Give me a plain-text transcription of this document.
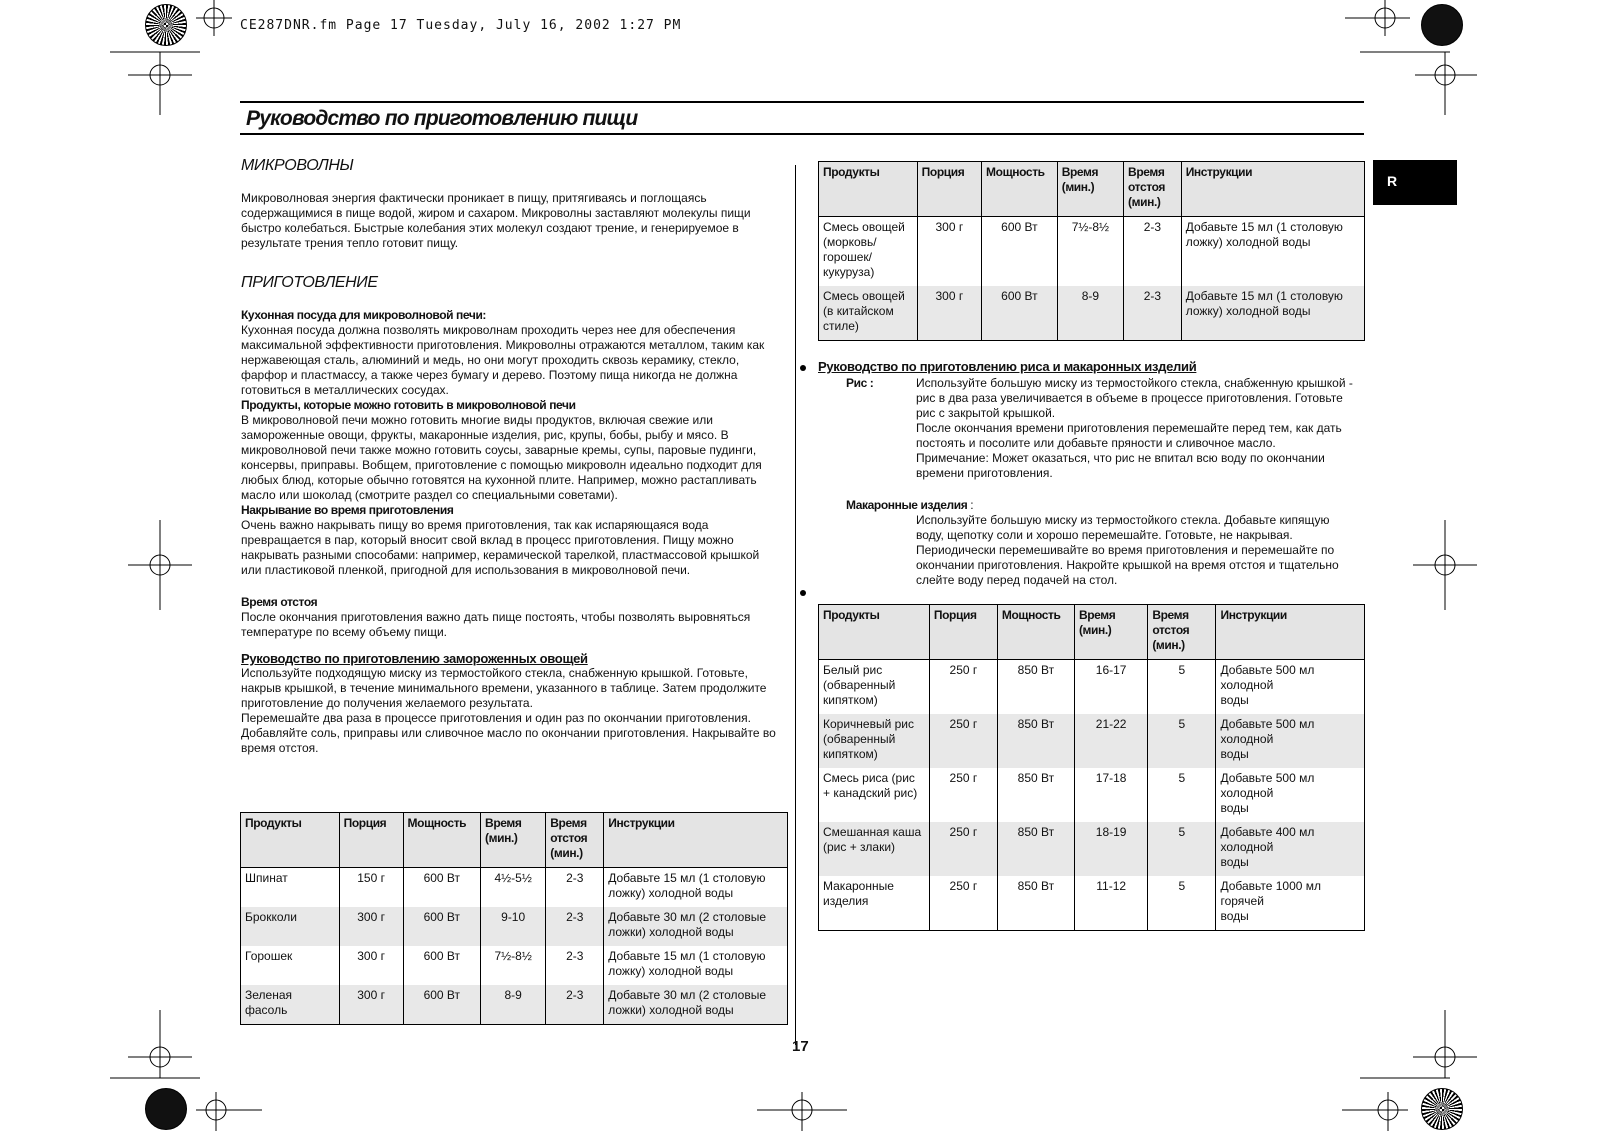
CE287DNR.fm Page 17 Tuesday, July 16, 2002 1:27 PM
Руководство по приготовлению пищи
R
МИКРОВОЛНЫ

Микроволновая энергия фактически проникает в пищу, притягиваясь и поглощаясь

содержащимися в пище водой, жиром и сахаром. Микроволны заставляют молекулы пищи

быстро колебаться. Быстрые колебания этих молекул создают трение, и генерируемое в

результате трения тепло готовит пищу.

ПРИГОТОВЛЕНИЕ

Кухонная посуда для микроволновой печи:

Кухонная посуда должна позволять микроволнам проходить через нее для обеспечения

максимальной эффективности приготовления. Микроволны отражаются металлом, таким как

нержавеющая сталь, алюминий и медь, но они могут проходить сквозь керамику, стекло,

фарфор и пластмассу, а также через бумагу и дерево. Поэтому пища никогда не должна

готовиться в металлических сосудах.

Продукты, которые можно готовить в микроволновой печи

В микроволновой печи можно готовить многие виды продуктов, включая свежие или

замороженные овощи, фрукты, макаронные изделия, рис, крупы, бобы, рыбу и мясо. В

микроволновой печи также можно готовить соусы, заварные кремы, супы, паровые пудинги,

консервы, приправы. Вобщем, приготовление с помощью микроволн идеально подходит для

любых блюд, которые обычно готовятся на кухонной плите. Например, можно растапливать

масло или шоколад (смотрите раздел со специальными советами).

Накрывание во время приготовления

Очень важно накрывать пищу во время приготовления, так как испаряющаяся вода

превращается в пар, который вносит свой вклад в процесс приготовления. Пищу можно

накрывать разными способами: например, керамической тарелкой, пластмассовой крышкой

или пластиковой пленкой, пригодной для использования в микроволновой печи.

Время отстоя

После окончания приготовления важно дать пище постоять, чтобы позволять выровняться

температуре по всему объему пищи.

Руководство по приготовлению замороженных овощей

Используйте подходящую миску из термостойкого стекла, снабженную крышкой. Готовьте,

накрыв крышкой, в течение минимального времени, указанного в таблице. Затем продолжите

приготовление до получения желаемого результата.

Перемешайте два раза в процессе приготовления и один раз по окончании приготовления.

Добавляйте соль, приправы или сливочное масло по окончании приготовления. Накрывайте во

время отстоя.

Продукты	Порция	Мощность	Время
(мин.)	Время
отстоя
(мин.)	Инструкции
Шпинат	150 г	600 Вт	4½-5½	2-3	Добавьте 15 мл (1 столовую
ложку) холодной воды
Брокколи	300 г	600 Вт	9-10	2-3	Добавьте 30 мл (2 столовые
ложки) холодной воды
Горошек	300 г	600 Вт	7½-8½	2-3	Добавьте 15 мл (1 столовую
ложку) холодной воды
Зеленая
фасоль	300 г	600 Вт	8-9	2-3	Добавьте 30 мл (2 столовые
ложки) холодной воды
Продукты	Порция	Мощность	Время
(мин.)	Время
отстоя
(мин.)	Инструкции
Смесь овощей
(морковь/
горошек/
кукуруза)	300 г	600 Вт	7½-8½	2-3	Добавьте 15 мл (1 столовую
ложку) холодной воды
Смесь овощей
(в китайском
стиле)	300 г	600 Вт	8-9	2-3	Добавьте 15 мл (1 столовую
ложку) холодной воды

Руководство по приготовлению риса и макаронных изделий

Рис :	Используйте большую миску из термостойкого стекла, снабженную крышкой -

рис в два раза увеличивается в объеме в процессе приготовления. Готовьте

рис с закрытой крышкой.

После окончания времени приготовления перемешайте перед тем, как дать

постоять и посолите или добавьте пряности и сливочное масло.

Примечание: Может оказаться, что рис не впитал всю воду по окончании

времени приготовления.

Макаронные изделия :

Используйте большую миску из термостойкого стекла. Добавьте кипящую

воду, щепотку соли и хорошо перемешайте. Готовьте, не накрывая.

Периодически перемешивайте во время приготовления и перемешайте по

окончании приготовления. Накройте крышкой на время отстоя и тщательно

слейте воду перед подачей на стол.

Продукты	Порция	Мощность	Время
(мин.)	Время
отстоя
(мин.)	Инструкции
Белый рис
(обваренный
кипятком)	250 г	850 Вт	16-17	5	Добавьте 500 мл холодной
воды
Коричневый рис
(обваренный
кипятком)	250 г	850 Вт	21-22	5	Добавьте 500 мл холодной
воды
Смесь риса (рис
+ канадский рис)	250 г	850 Вт	17-18	5	Добавьте 500 мл холодной
воды
Смешанная каша
(рис + злаки)	250 г	850 Вт	18-19	5	Добавьте 400 мл холодной
воды
Макаронные
изделия	250 г	850 Вт	11-12	5	Добавьте 1000 мл горячей
воды
17
